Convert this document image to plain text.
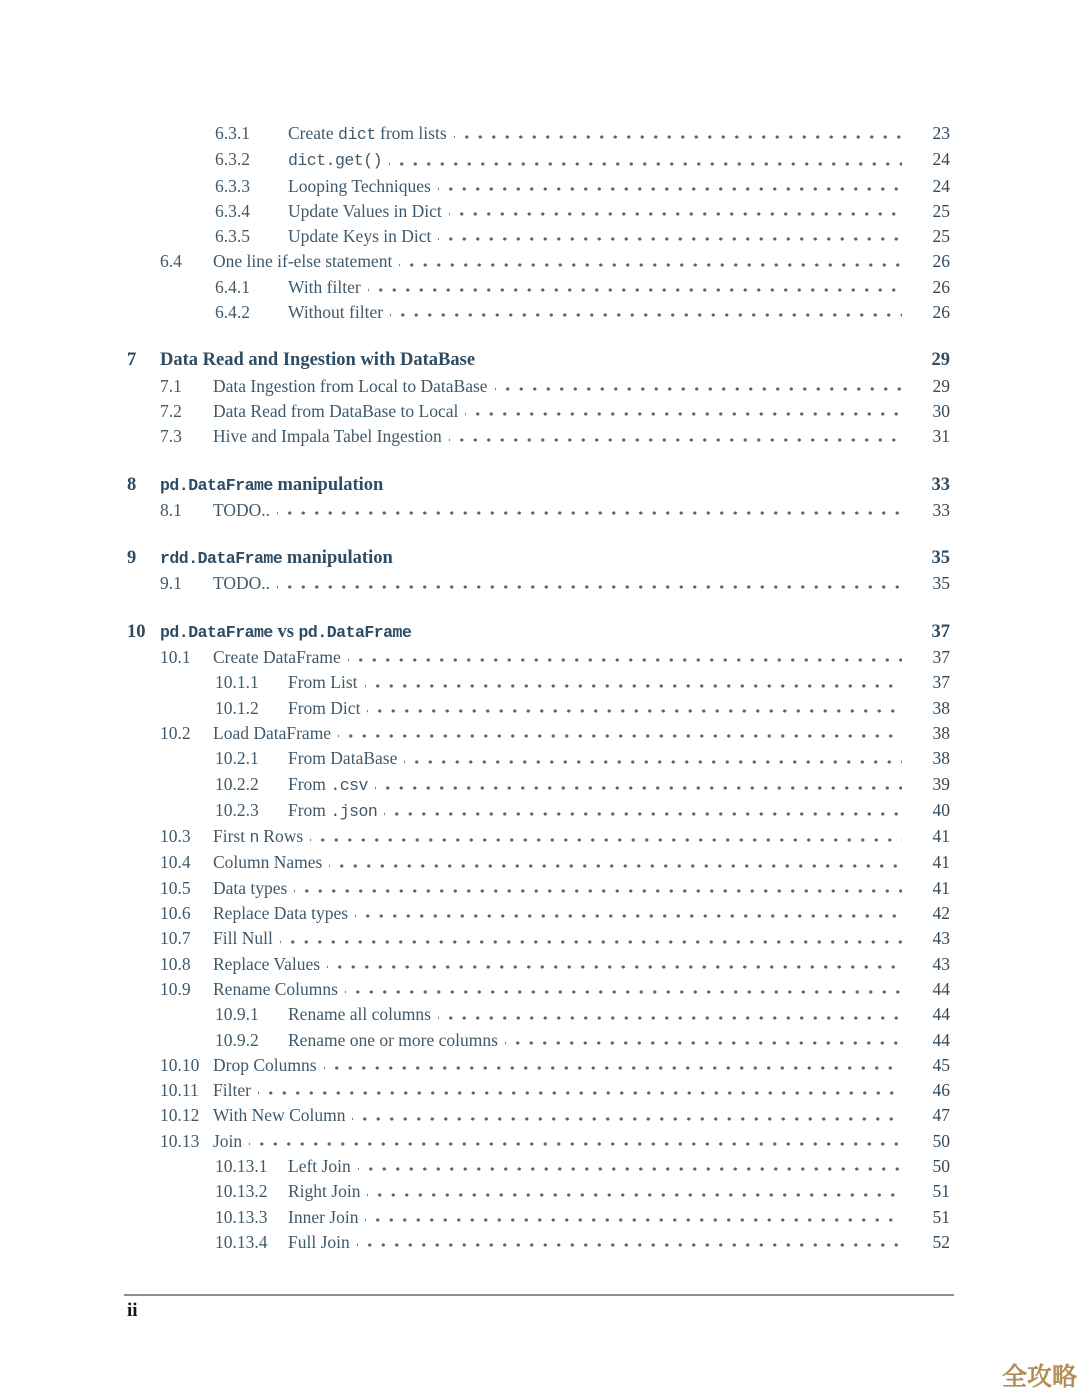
6.3.1	Create dict from lists	23
6.3.2	dict.get()	24
6.3.3	Looping Techniques	24
6.3.4	Update Values in Dict	25
6.3.5	Update Keys in Dict	25
6.4	One line if-else statement	26
6.4.1	With filter	26
6.4.2	Without filter	26
7	Data Read and Ingestion with DataBase	29
7.1	Data Ingestion from Local to DataBase	29
7.2	Data Read from DataBase to Local	30
7.3	Hive and Impala Tabel Ingestion	31
8	pd.DataFrame manipulation	33
8.1	TODO..	33
9	rdd.DataFrame manipulation	35
9.1	TODO..	35
10 pd.DataFrame vs pd.DataFrame	37
10.1	Create DataFrame	37
10.1.1	From List	37
10.1.2	From Dict	38
10.2	Load DataFrame	38
10.2.1	From DataBase	38
10.2.2	From .csv	39
10.2.3	From .json	40
10.3	First n Rows	41
10.4	Column Names	41
10.5	Data types	41
10.6	Replace Data types	42
10.7	Fill Null	43
10.8	Replace Values	43
10.9	Rename Columns	44
10.9.1	Rename all columns	44
10.9.2	Rename one or more columns	44
10.10 Drop Columns	45
10.11 Filter	46
10.12 With New Column	47
10.13 Join	50
10.13.1	Left Join	50
10.13.2	Right Join	51
10.13.3	Inner Join	51
10.13.4	Full Join	52
ii
全攻略
